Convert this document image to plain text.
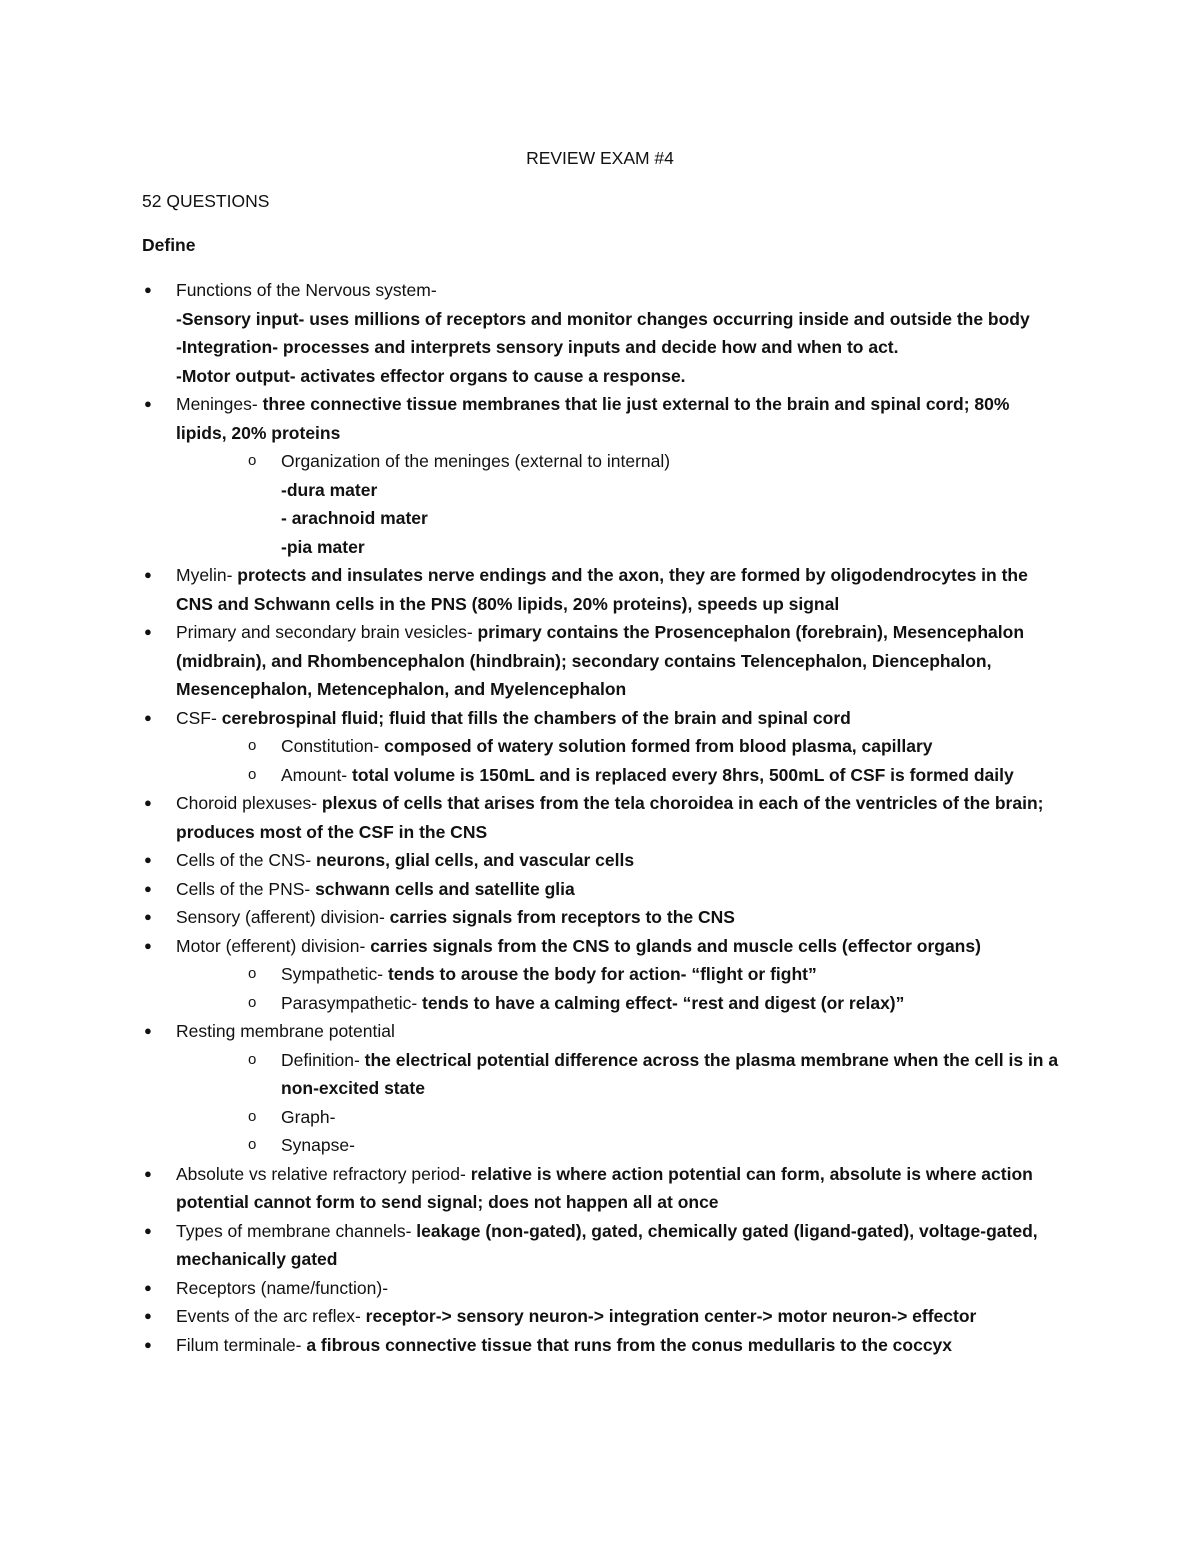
REVIEW EXAM #4
52 QUESTIONS
Define
● Functions of the Nervous system-
-Sensory input- uses millions of receptors and monitor changes occurring inside and outside the body
-Integration- processes and interprets sensory inputs and decide how and when to act.
-Motor output- activates effector organs to cause a response.
● Meninges- three connective tissue membranes that lie just external to the brain and spinal cord; 80% lipids, 20% proteins
o Organization of the meninges (external to internal)
-dura mater
- arachnoid mater
-pia mater
● Myelin- protects and insulates nerve endings and the axon, they are formed by oligodendrocytes in the CNS and Schwann cells in the PNS (80% lipids, 20% proteins), speeds up signal
● Primary and secondary brain vesicles- primary contains the Prosencephalon (forebrain), Mesencephalon (midbrain), and Rhombencephalon (hindbrain); secondary contains Telencephalon, Diencephalon, Mesencephalon, Metencephalon, and Myelencephalon
● CSF- cerebrospinal fluid; fluid that fills the chambers of the brain and spinal cord
o Constitution- composed of watery solution formed from blood plasma, capillary
o Amount- total volume is 150mL and is replaced every 8hrs, 500mL of CSF is formed daily
● Choroid plexuses- plexus of cells that arises from the tela choroidea in each of the ventricles of the brain; produces most of the CSF in the CNS
● Cells of the CNS- neurons, glial cells, and vascular cells
● Cells of the PNS- schwann cells and satellite glia
● Sensory (afferent) division- carries signals from receptors to the CNS
● Motor (efferent) division- carries signals from the CNS to glands and muscle cells (effector organs)
o Sympathetic- tends to arouse the body for action- “flight or fight”
o Parasympathetic- tends to have a calming effect- “rest and digest (or relax)”
● Resting membrane potential
o Definition- the electrical potential difference across the plasma membrane when the cell is in a non-excited state
o Graph-
o Synapse-
● Absolute vs relative refractory period- relative is where action potential can form, absolute is where action potential cannot form to send signal; does not happen all at once
● Types of membrane channels- leakage (non-gated), gated, chemically gated (ligand-gated), voltage-gated, mechanically gated
● Receptors (name/function)-
● Events of the arc reflex- receptor-> sensory neuron-> integration center-> motor neuron-> effector
● Filum terminale- a fibrous connective tissue that runs from the conus medullaris to the coccyx
